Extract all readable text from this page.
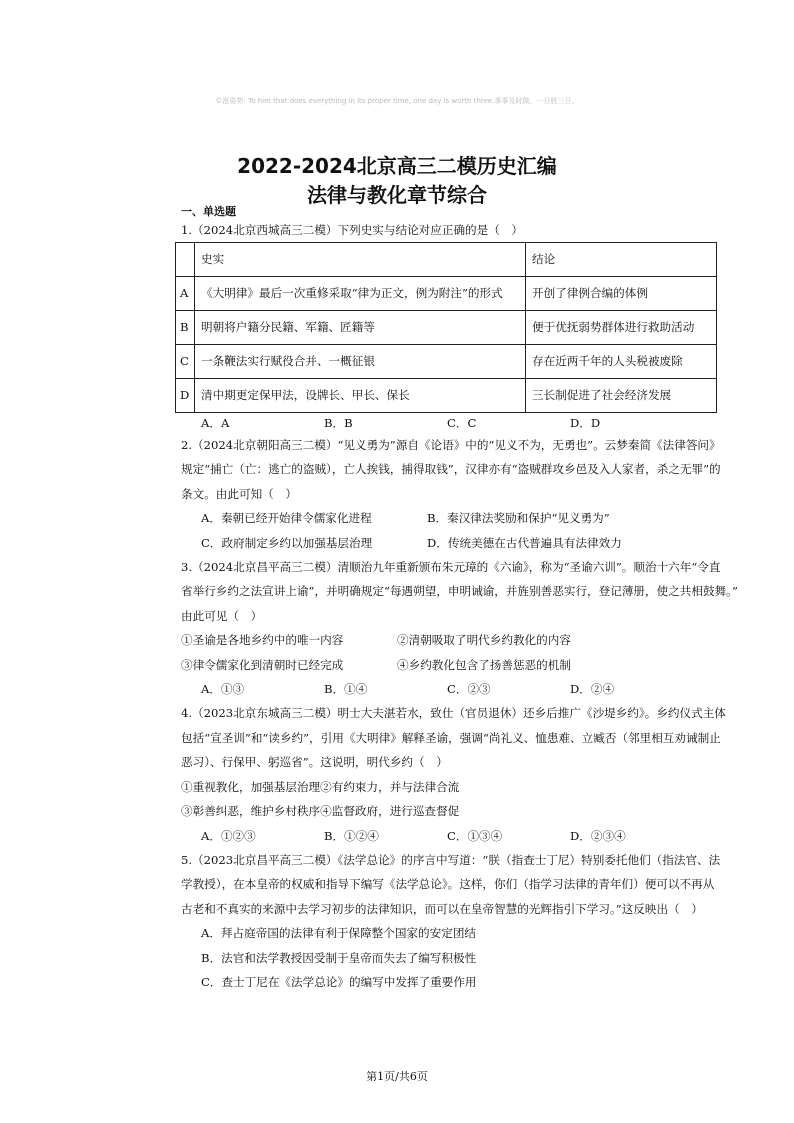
©涨姿势: To him that does everything in its proper time, one day is worth three.事事及时做，一日胜三日。
2022-2024北京高三二模历史汇编
法律与教化章节综合
一、单选题

1.（2024北京西城高三二模）下列史实与结论对应正确的是（　）

	史实	结论
A	《大明律》最后一次重修采取“律为正文，例为附注”的形式	开创了律例合编的体例
B	明朝将户籍分民籍、军籍、匠籍等	便于优抚弱势群体进行救助活动
C	一条鞭法实行赋役合并、一概征银	存在近两千年的人头税被废除
D	清中期更定保甲法，设牌长、甲长、保长	三长制促进了社会经济发展
A．A	B．B	C．C	D．D

2.（2024北京朝阳高三二模）“见义勇为”源自《论语》中的“见义不为，无勇也”。云梦秦简《法律答问》

规定“捕亡（亡：逃亡的盗贼），亡人挨钱，捕得取钱”，汉律亦有“盗贼群攻乡邑及入人家者，杀之无罪”的

条文。由此可知（　）

A．秦朝已经开始律令儒家化进程	B．秦汉律法奖励和保护“见义勇为”
C．政府制定乡约以加强基层治理	D．传统美德在古代普遍具有法律效力

3.（2024北京昌平高三二模）清顺治九年重新颁布朱元璋的《六谕》，称为“圣谕六训”。顺治十六年“令直

省举行乡约之法宣讲上谕”，并明确规定“每遇朔望，申明诫谕，并旌别善恶实行，登记薄册，使之共相鼓舞。”

由此可见（　）

①圣谕是各地乡约中的唯一内容	②清朝吸取了明代乡约教化的内容
③律令儒家化到清朝时已经完成	④乡约教化包含了扬善惩恶的机制
A．①③	B．①④	C．②③	D．②④

4.（2023北京东城高三二模）明士大夫湛若水，致仕（官员退休）还乡后推广《沙堤乡约》。乡约仪式主体

包括“宣圣训”和“读乡约”，引用《大明律》解释圣谕，强调“尚礼义、恤患难、立臧否（邻里相互劝诫制止

恶习）、行保甲、躬巡省”。这说明，明代乡约（　）

①重视教化，加强基层治理②有约束力，并与法律合流

③彰善纠恶，维护乡村秩序④监督政府，进行巡查督促

A．①②③	B．①②④	C．①③④	D．②③④

5.（2023北京昌平高三二模）《法学总论》的序言中写道：“朕（指查士丁尼）特别委托他们（指法官、法

学教授），在本皇帝的权威和指导下编写《法学总论》。这样，你们（指学习法律的青年们）便可以不再从

古老和不真实的来源中去学习初步的法律知识，而可以在皇帝智慧的光辉指引下学习。”这反映出（　）

A．拜占庭帝国的法律有利于保障整个国家的安定团结

B．法官和法学教授因受制于皇帝而失去了编写积极性

C．查士丁尼在《法学总论》的编写中发挥了重要作用

第1页/共6页
